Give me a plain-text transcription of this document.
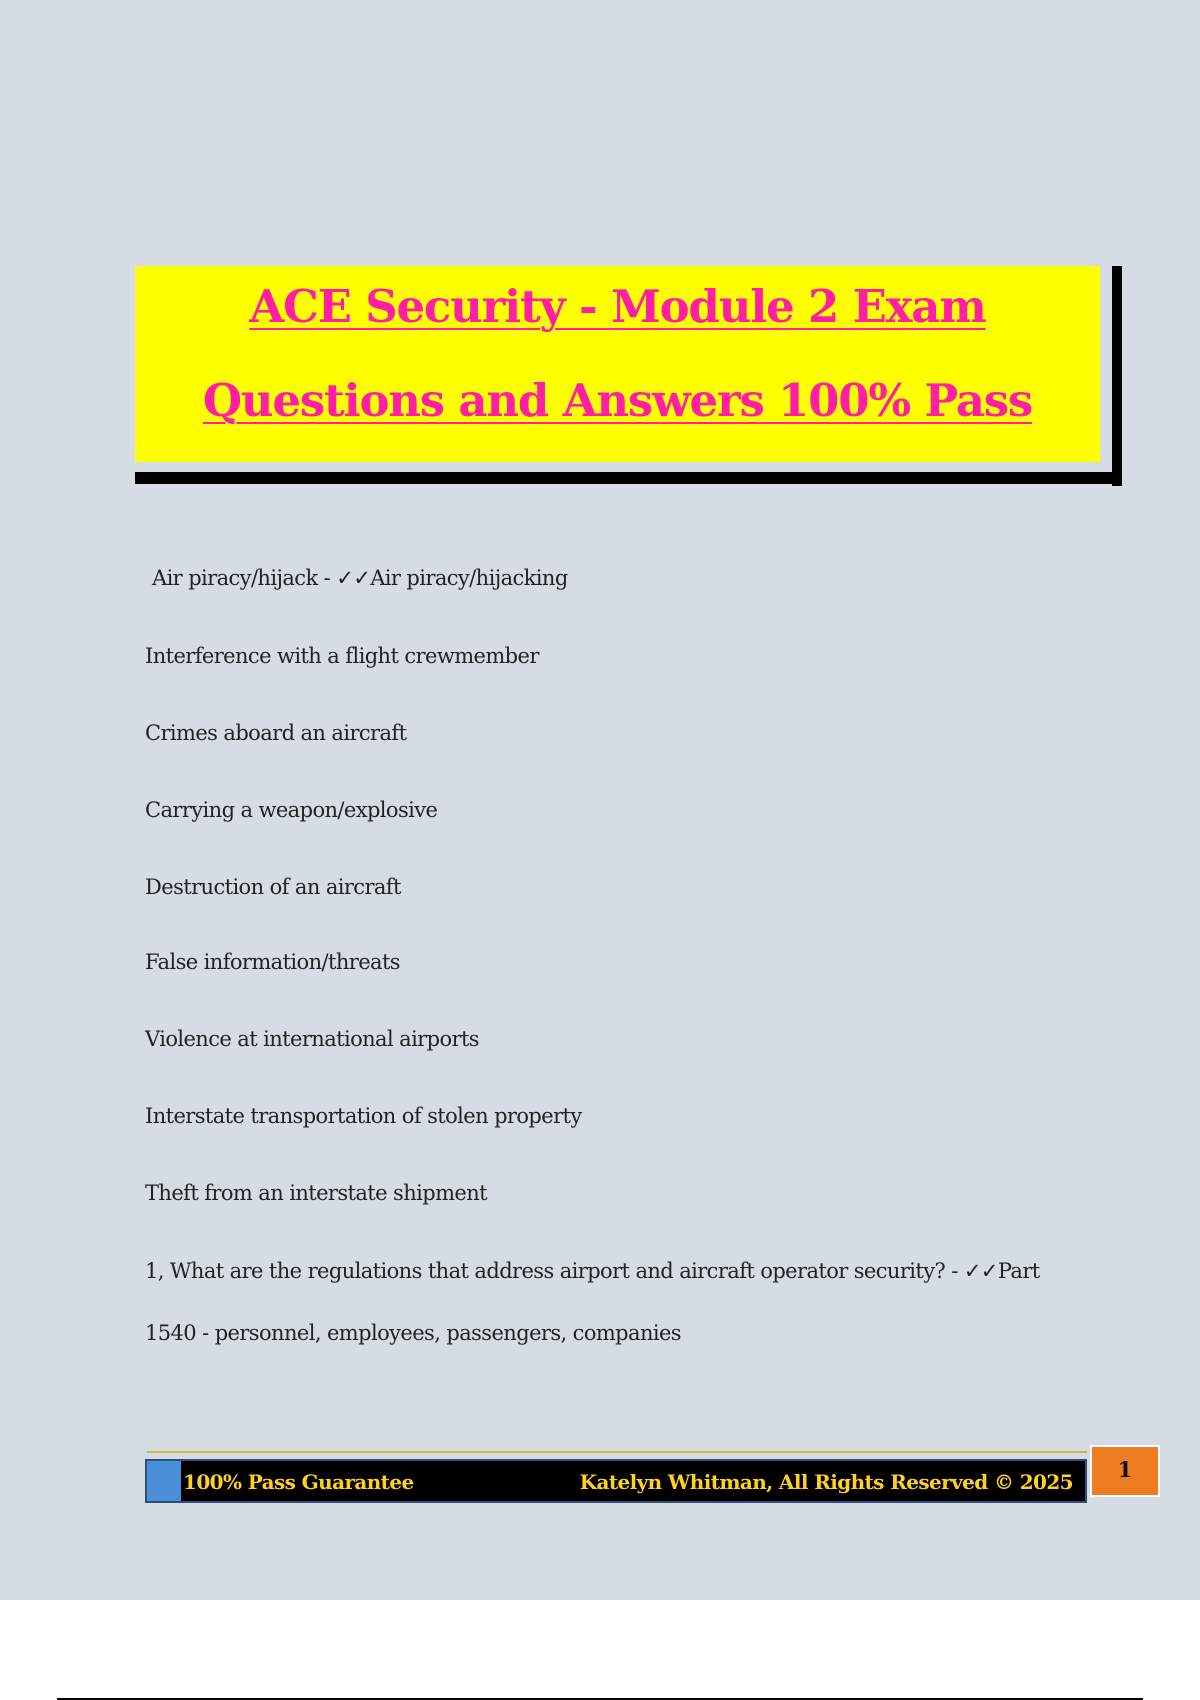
ACE Security - Module 2 Exam
Questions and Answers 100% Pass
Air piracy/hijack - ✓✓Air piracy/hijacking
Interference with a flight crewmember
Crimes aboard an aircraft
Carrying a weapon/explosive
Destruction of an aircraft
False information/threats
Violence at international airports
Interstate transportation of stolen property
Theft from an interstate shipment
1, What are the regulations that address airport and aircraft operator security? - ✓✓Part
1540 - personnel, employees, passengers, companies
100% Pass Guarantee	Katelyn Whitman, All Rights Reserved © 2025	1
